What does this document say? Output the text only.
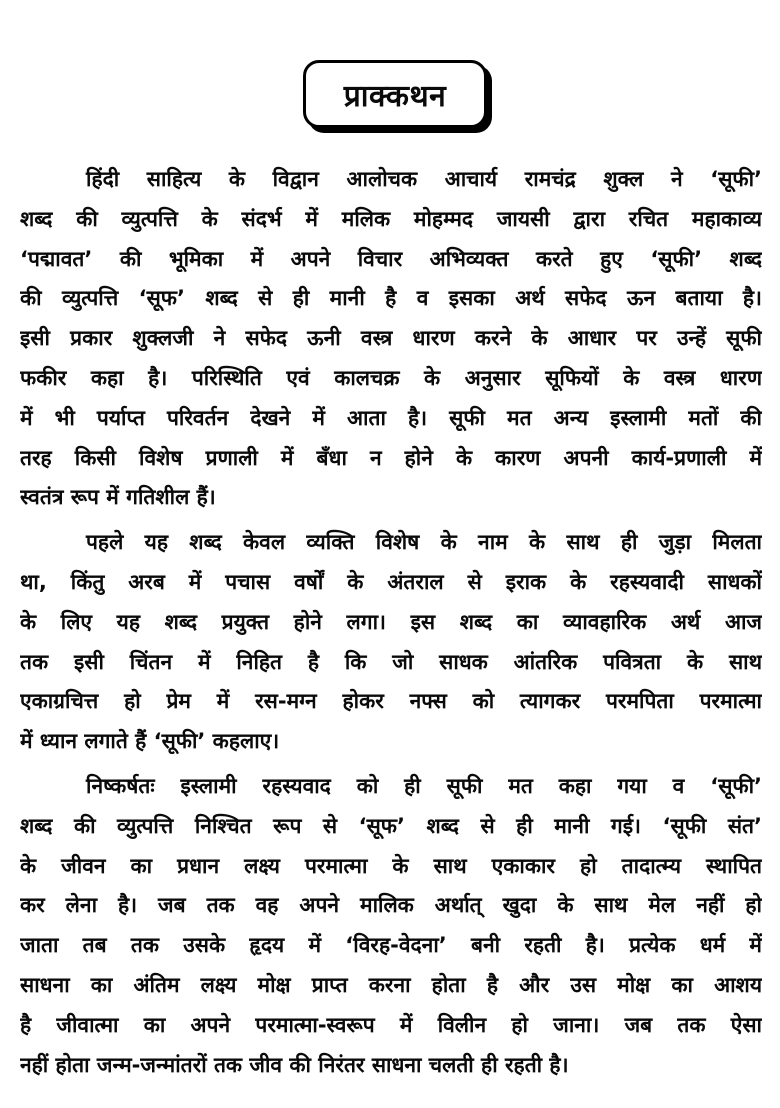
प्राक्कथन
हिंदी साहित्य के विद्वान आलोचक आचार्य रामचंद्र शुक्ल ने ‘सूफी’
शब्द की व्युत्पत्ति के संदर्भ में मलिक मोहम्मद जायसी द्वारा रचित महाकाव्य
‘पद्मावत’ की भूमिका में अपने विचार अभिव्यक्त करते हुए ‘सूफी’ शब्द
की व्युत्पत्ति ‘सूफ’ शब्द से ही मानी है व इसका अर्थ सफेद ऊन बताया है।
इसी प्रकार शुक्लजी ने सफेद ऊनी वस्त्र धारण करने के आधार पर उन्हें सूफी
फकीर कहा है। परिस्थिति एवं कालचक्र के अनुसार सूफियों के वस्त्र धारण
में भी पर्याप्त परिवर्तन देखने में आता है। सूफी मत अन्य इस्लामी मतों की
तरह किसी विशेष प्रणाली में बँधा न होने के कारण अपनी कार्य-प्रणाली में
स्वतंत्र रूप में गतिशील हैं।
पहले यह शब्द केवल व्यक्ति विशेष के नाम के साथ ही जुड़ा मिलता
था, किंतु अरब में पचास वर्षों के अंतराल से इराक के रहस्यवादी साधकों
के लिए यह शब्द प्रयुक्त होने लगा। इस शब्द का व्यावहारिक अर्थ आज
तक इसी चिंतन में निहित है कि जो साधक आंतरिक पवित्रता के साथ
एकाग्रचित्त हो प्रेम में रस-मग्न होकर नफ्स को त्यागकर परमपिता परमात्मा
में ध्यान लगाते हैं ‘सूफी’ कहलाए।
निष्कर्षतः इस्लामी रहस्यवाद को ही सूफी मत कहा गया व ‘सूफी’
शब्द की व्युत्पत्ति निश्चित रूप से ‘सूफ’ शब्द से ही मानी गई। ‘सूफी संत’
के जीवन का प्रधान लक्ष्य परमात्मा के साथ एकाकार हो तादात्म्य स्थापित
कर लेना है। जब तक वह अपने मालिक अर्थात् खुदा के साथ मेल नहीं हो
जाता तब तक उसके हृदय में ‘विरह-वेदना’ बनी रहती है। प्रत्येक धर्म में
साधना का अंतिम लक्ष्य मोक्ष प्राप्त करना होता है और उस मोक्ष का आशय
है जीवात्मा का अपने परमात्मा-स्वरूप में विलीन हो जाना। जब तक ऐसा
नहीं होता जन्म-जन्मांतरों तक जीव की निरंतर साधना चलती ही रहती है।
